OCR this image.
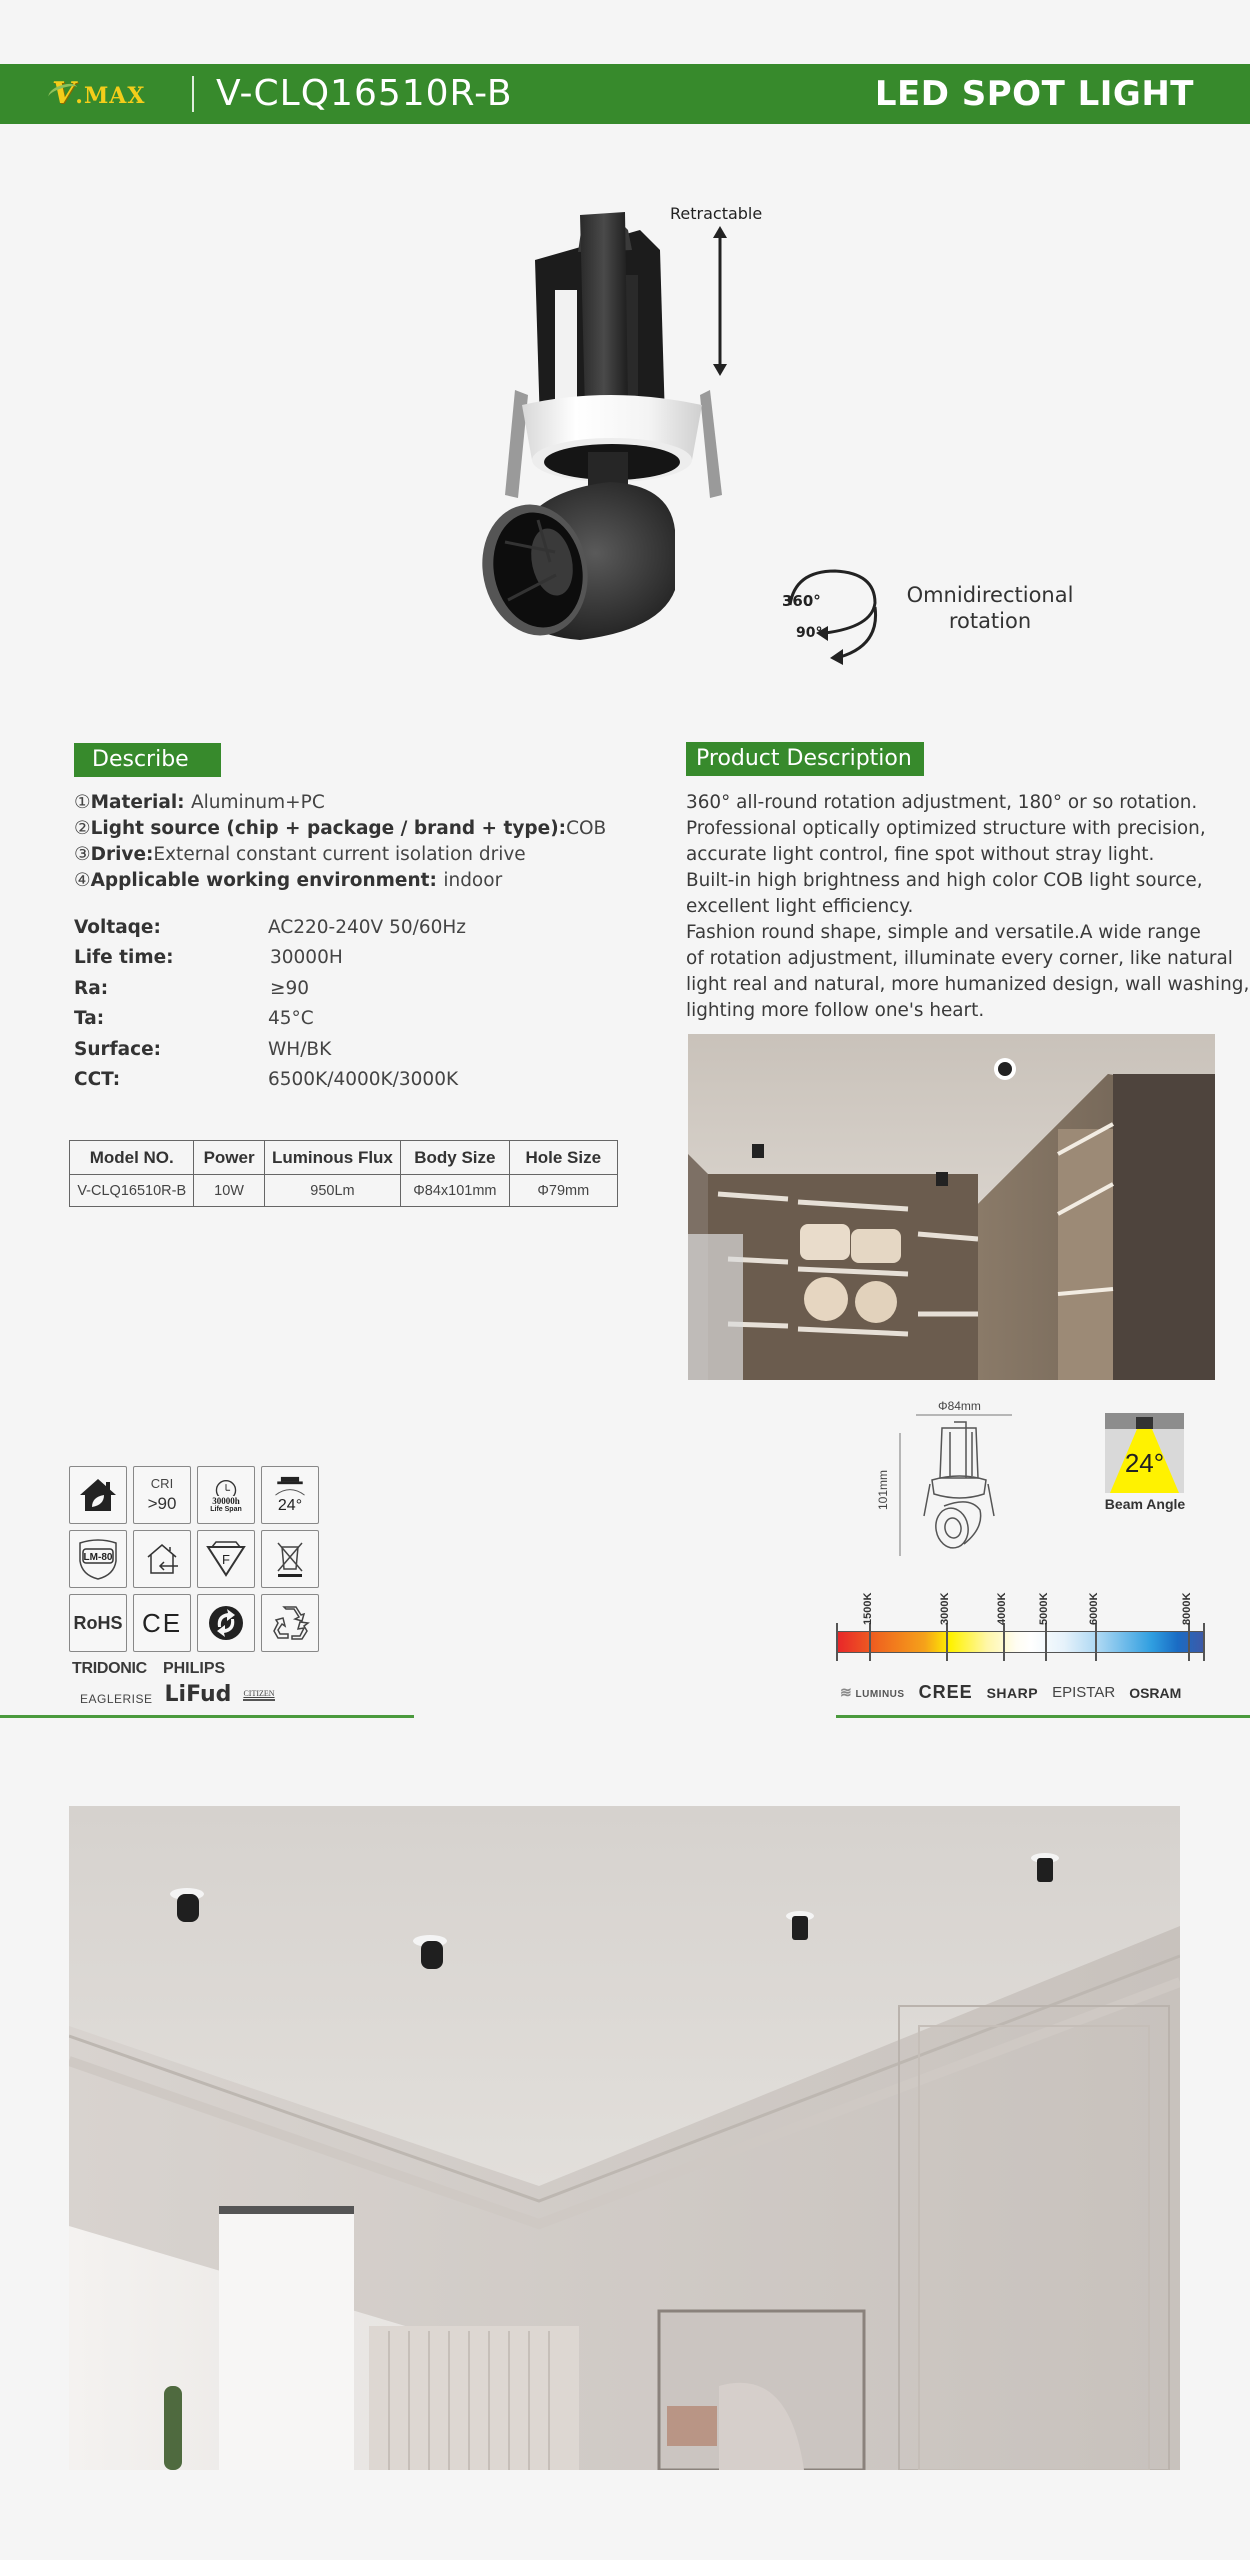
V .MAX V-CLQ16510R-B	LED SPOT LIGHT
Retractable
360°
90°
Omnidirectional
rotation
Describe
①Material: Aluminum+PC
②Light source (chip + package / brand + type):COB
③Drive:External constant current isolation drive
④Applicable working environment: indoor
Voltaqe:	AC220-240V 50/60Hz
Life time:	30000H
Ra:	≥90
Ta:	45°C
Surface:	WH/BK
CCT:	6500K/4000K/3000K
Model NO.	Power	Luminous Flux	Body Size	Hole Size
V-CLQ16510R-B	10W	950Lm	Φ84x101mm	Φ79mm
Product Description

360° all-round rotation adjustment, 180° or so rotation.

Professional optically optimized structure with precision,

accurate light control, fine spot without stray light.

Built-in high brightness and high color COB light source,

excellent light efficiency.

Fashion round shape, simple and versatile.A wide range

of rotation adjustment, illuminate every corner, like natural

light real and natural, more humanized design, wall washing,

lighting more follow one's heart.

CRI
>90	30000h
Life Span 24°
LM-80	F
RoHS CE
TRIDONIC PHILIPS
EAGLERISE LiFud CITIZEN
Φ84mm
101mm
24°
Beam Angle
1500K	3000K	4000K	5000K	6000K	8000K
≋ LUMINUS CREE SHARP EPISTAR OSRAM
